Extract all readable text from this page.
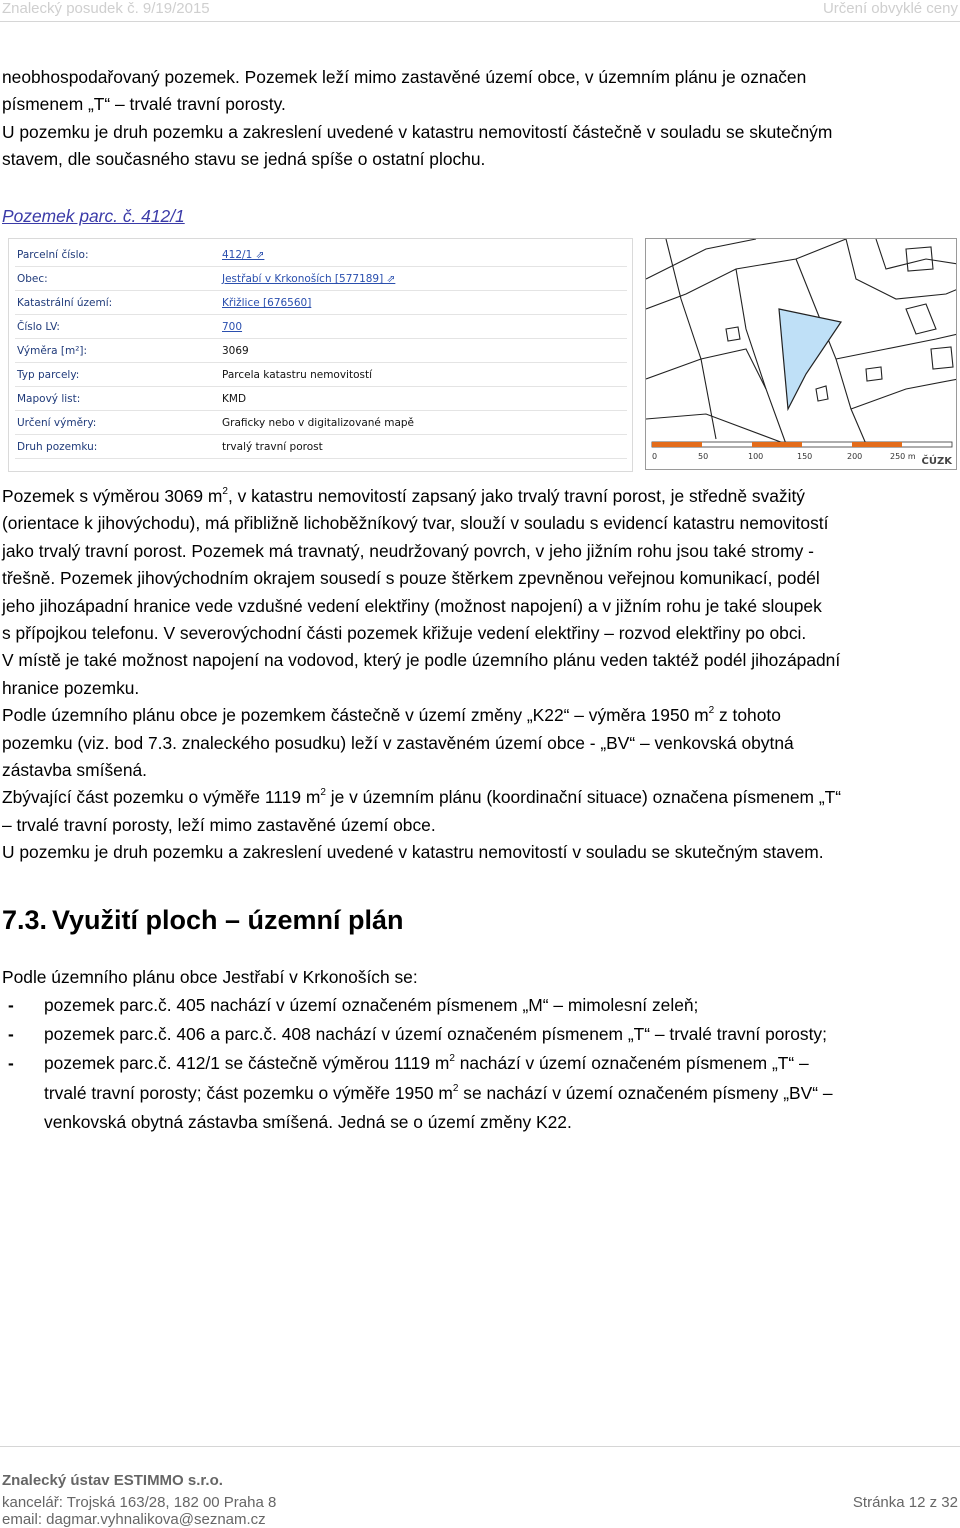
Znalecký posudek č. 9/19/2015	Určení obvyklé ceny
neobhospodařovaný pozemek. Pozemek leží mimo zastavěné území obce, v územním plánu je označen
písmenem „T“ – trvalé travní porosty.
U pozemku je druh pozemku a zakreslení uvedené v katastru nemovitostí částečně v souladu se skutečným
stavem, dle současného stavu se jedná spíše o ostatní plochu.
Pozemek parc. č. 412/1
Parcelní číslo:	412/1 ⇗
Obec:	Jestřabí v Krkonoších [577189] ⇗
Katastrální území:	Křižlice [676560]
Číslo LV:	700
Výměra [m²]:	3069
Typ parcely:	Parcela katastru nemovitostí
Mapový list:	KMD
Určení výměry:	Graficky nebo v digitalizované mapě
Druh pozemku:	trvalý travní porost
0	50	100	150	200	250 m ČÚZK
Pozemek s výměrou 3069 $m^2$, v katastru nemovitostí zapsaný jako trvalý travní porost, je středně svažitý
(orientace k jihovýchodu), má přibližně lichoběžníkový tvar, slouží v souladu s evidencí katastru nemovitostí
jako trvalý travní porost. Pozemek má travnatý, neudržovaný povrch, v jeho jižním rohu jsou také stromy -
třešně. Pozemek jihovýchodním okrajem sousedí s pouze štěrkem zpevněnou veřejnou komunikací, podél
jeho jihozápadní hranice vede vzdušné vedení elektřiny (možnost napojení) a v jižním rohu je také sloupek
s přípojkou telefonu. V severovýchodní části pozemek křižuje vedení elektřiny – rozvod elektřiny po obci.
V místě je také možnost napojení na vodovod, který je podle územního plánu veden taktéž podél jihozápadní
hranice pozemku.
Podle územního plánu obce je pozemkem částečně v území změny „K22“ – výměra 1950 $m^2$ z tohoto
pozemku (viz. bod 7.3. znaleckého posudku) leží v zastavěném území obce - „BV“ – venkovská obytná
zástavba smíšená.
Zbývající část pozemku o výměře 1119 $m^2$ je v územním plánu (koordinační situace) označena písmenem „T“
– trvalé travní porosty, leží mimo zastavěné území obce.
U pozemku je druh pozemku a zakreslení uvedené v katastru nemovitostí v souladu se skutečným stavem.
7.3. Využití ploch – územní plán
Podle územního plánu obce Jestřabí v Krkonoších se:
- pozemek parc.č. 405 nachází v území označeném písmenem „M“ – mimolesní zeleň;
- pozemek parc.č. 406 a parc.č. 408 nachází v území označeném písmenem „T“ – trvalé travní porosty;
- pozemek parc.č. 412/1 se částečně výměrou 1119 $m^2$ nachází v území označeném písmenem „T“ –
trvalé travní porosty; část pozemku o výměře 1950 $m^2$ se nachází v území označeném písmeny „BV“ –
venkovská obytná zástavba smíšená. Jedná se o území změny K22.
Znalecký ústav ESTIMMO s.r.o.
kancelář: Trojská 163/28, 182 00 Praha 8
email: dagmar.vyhnalikova@seznam.cz
Stránka 12 z 32
